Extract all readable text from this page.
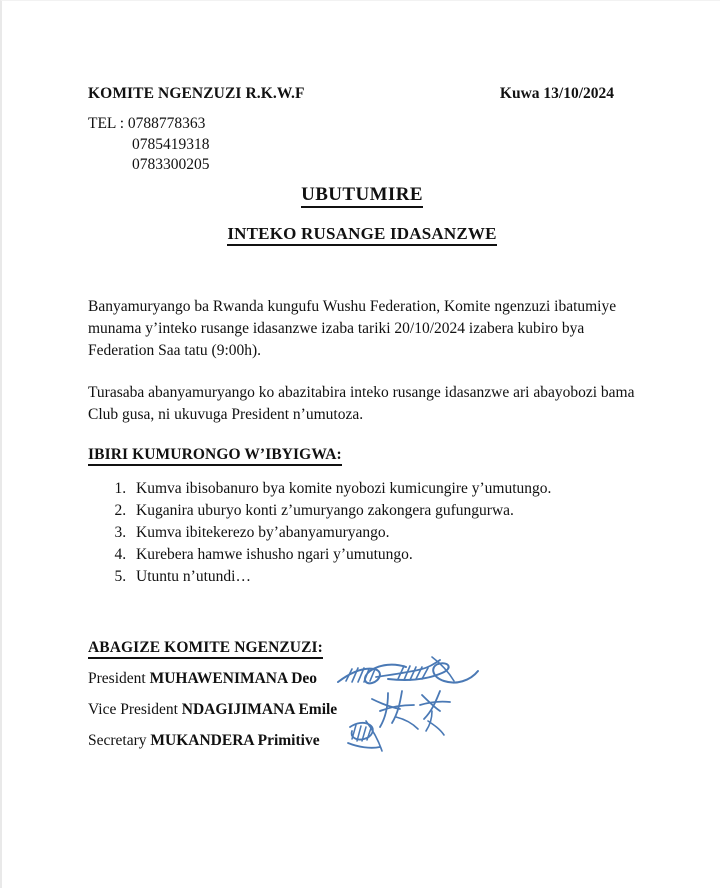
KOMITE NGENZUZI R.K.W.F	Kuwa 13/10/2024
TEL : 0788778363
0785419318
0783300205
UBUTUMIRE
INTEKO RUSANGE IDASANZWE

Banyamuryango ba Rwanda kungufu Wushu Federation, Komite ngenzuzi ibatumiye munama y’inteko rusange idasanzwe izaba tariki 20/10/2024 izabera kubiro bya Federation Saa tatu (9:00h).

Turasaba abanyamuryango ko abazitabira inteko rusange idasanzwe ari abayobozi bama Club gusa, ni ukuvuga President n’umutoza.

IBIRI KUMURONGO W’IBYIGWA:
1. Kumva ibisobanuro bya komite nyobozi kumicungire y’umutungo.
2. Kuganira uburyo konti z’umuryango zakongera gufungurwa.
3. Kumva ibitekerezo by’abanyamuryango.
4. Kurebera hamwe ishusho ngari y’umutungo.
5. Utuntu n’utundi…
ABAGIZE KOMITE NGENZUZI:
President MUHAWENIMANA Deo
Vice President NDAGIJIMANA Emile
Secretary MUKANDERA Primitive
